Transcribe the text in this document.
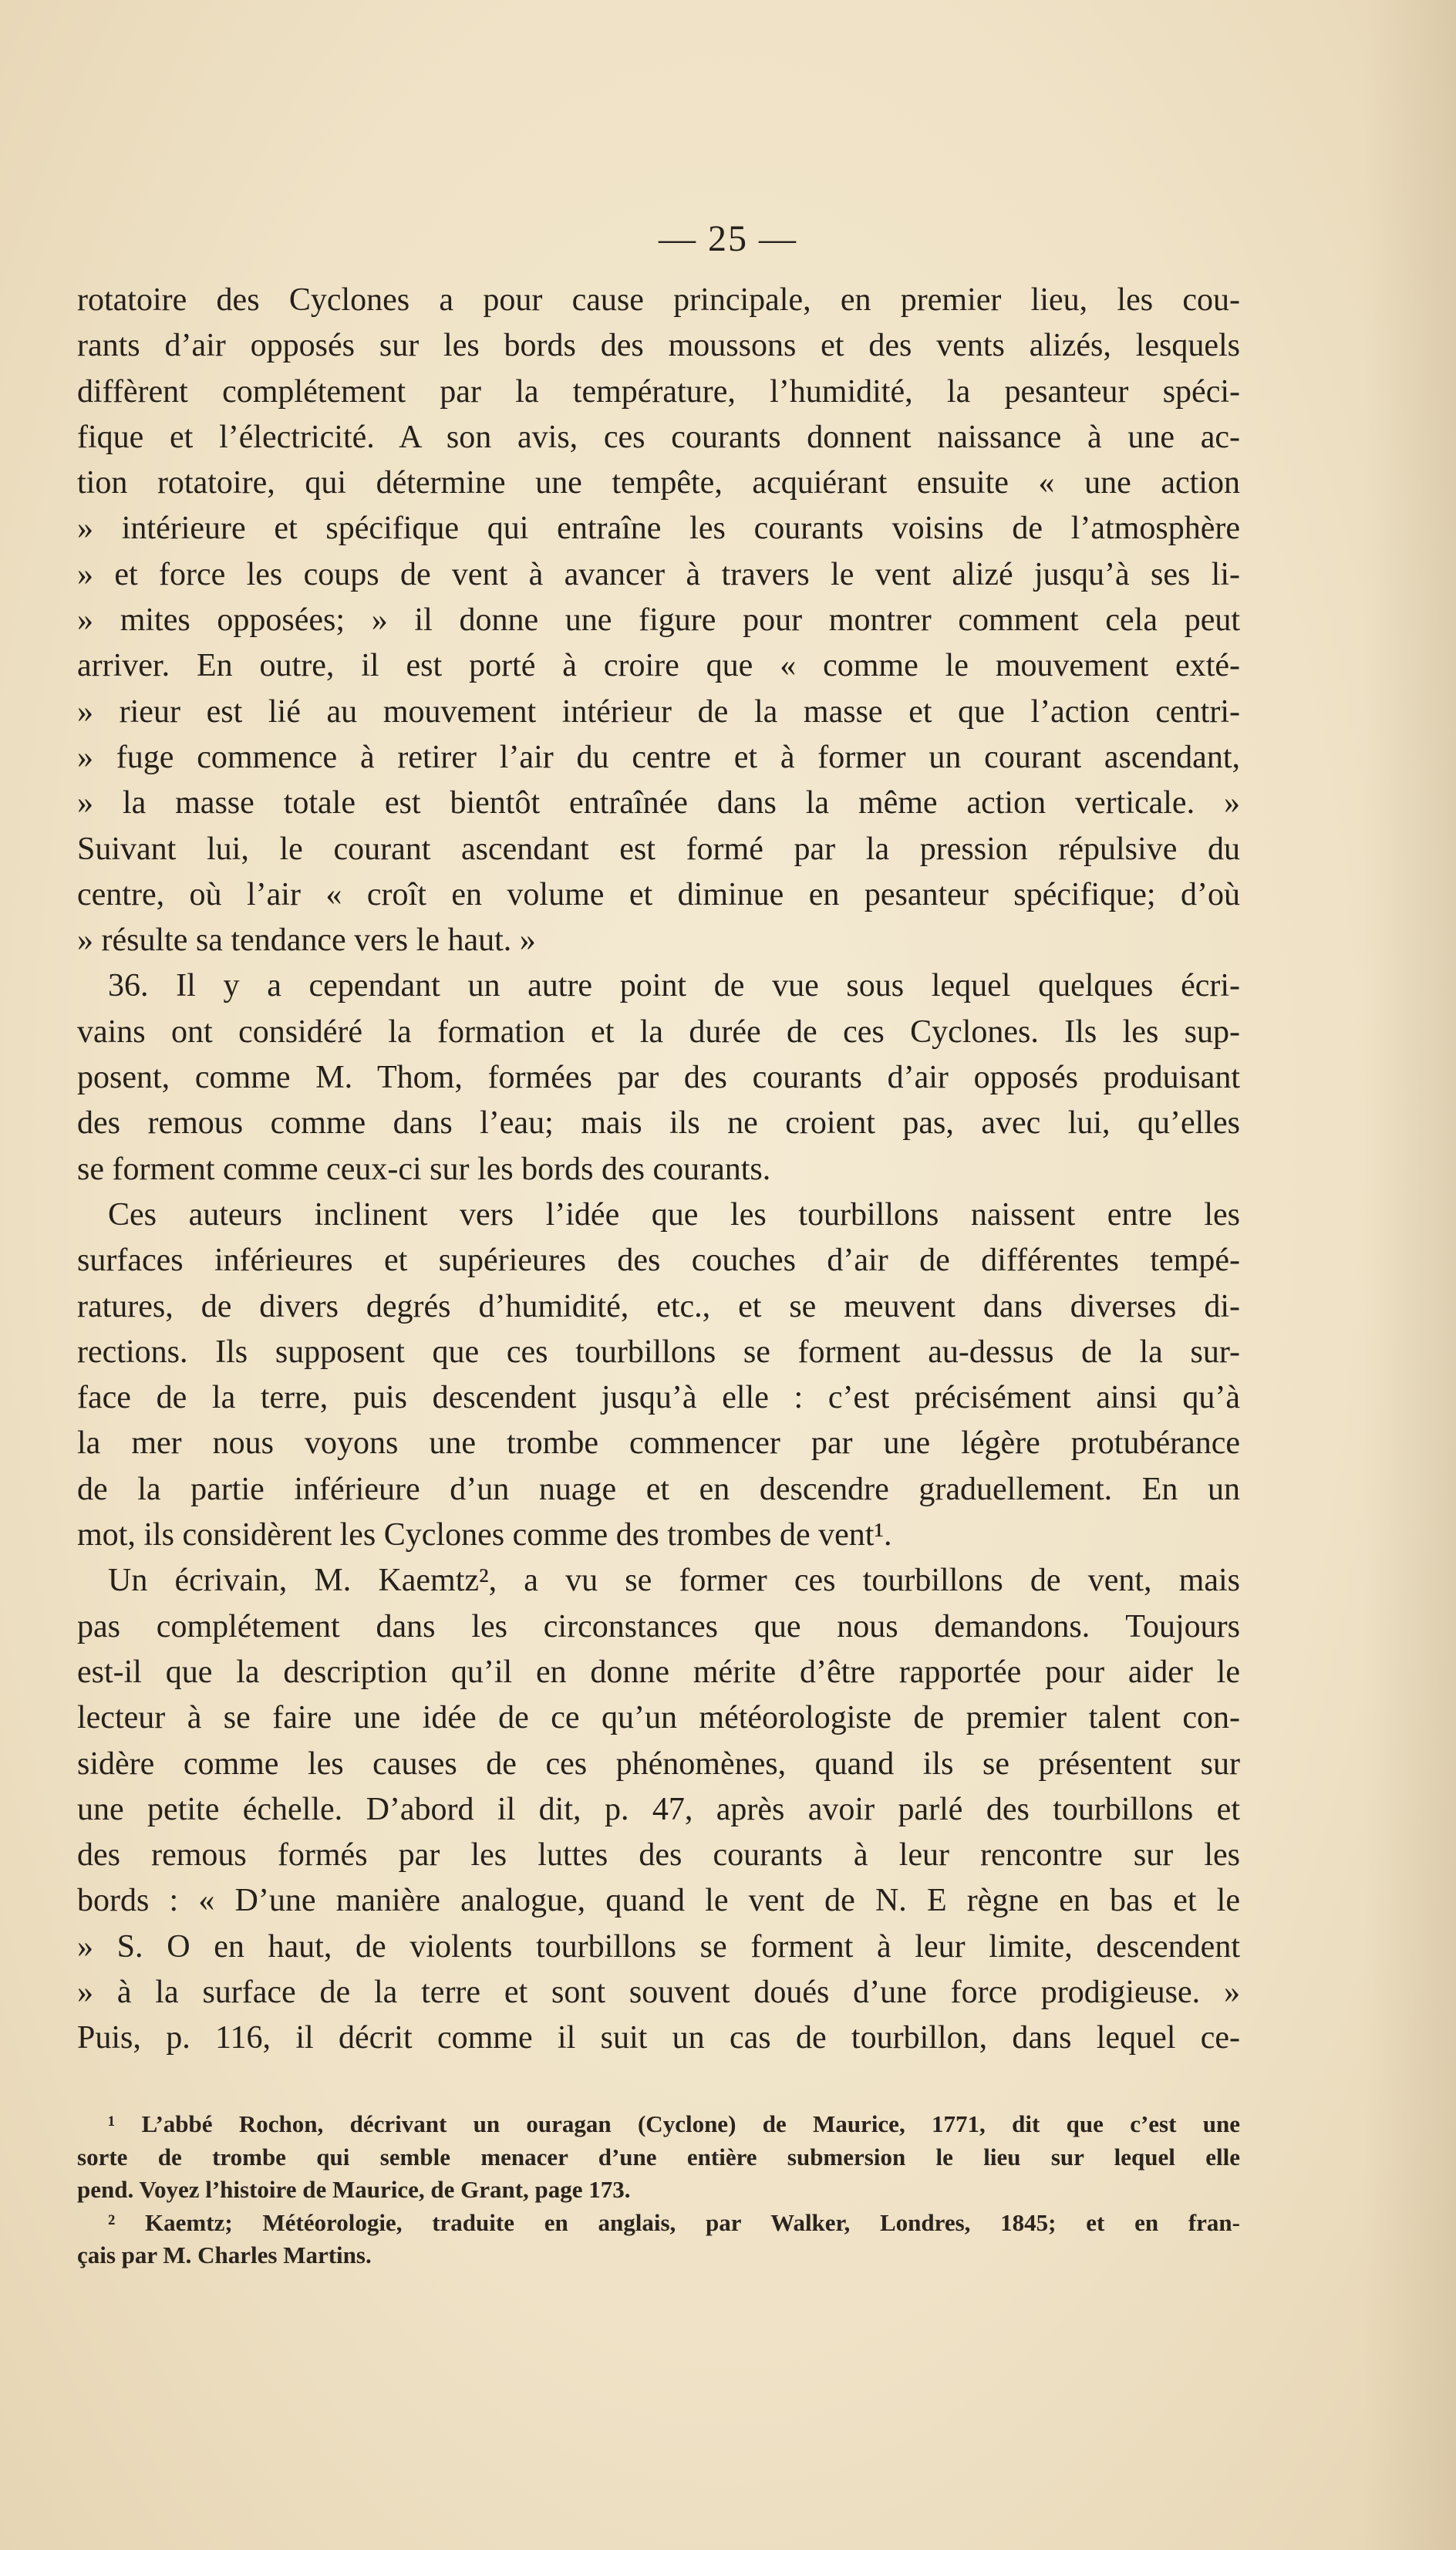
— 25 —
rotatoire des Cyclones a pour cause principale, en premier lieu, les cou-
rants d’air opposés sur les bords des moussons et des vents alizés, lesquels
diffèrent complétement par la température, l’humidité, la pesanteur spéci-
fique et l’électricité. A son avis, ces courants donnent naissance à une ac-
tion rotatoire, qui détermine une tempête, acquiérant ensuite « une action
» intérieure et spécifique qui entraîne les courants voisins de l’atmosphère
» et force les coups de vent à avancer à travers le vent alizé jusqu’à ses li-
» mites opposées; » il donne une figure pour montrer comment cela peut
arriver. En outre, il est porté à croire que « comme le mouvement exté-
» rieur est lié au mouvement intérieur de la masse et que l’action centri-
» fuge commence à retirer l’air du centre et à former un courant ascendant,
» la masse totale est bientôt entraînée dans la même action verticale. »
Suivant lui, le courant ascendant est formé par la pression répulsive du
centre, où l’air « croît en volume et diminue en pesanteur spécifique; d’où
» résulte sa tendance vers le haut. »
36. Il y a cependant un autre point de vue sous lequel quelques écri-
vains ont considéré la formation et la durée de ces Cyclones. Ils les sup-
posent, comme M. Thom, formées par des courants d’air opposés produisant
des remous comme dans l’eau; mais ils ne croient pas, avec lui, qu’elles
se forment comme ceux-ci sur les bords des courants.
Ces auteurs inclinent vers l’idée que les tourbillons naissent entre les
surfaces inférieures et supérieures des couches d’air de différentes tempé-
ratures, de divers degrés d’humidité, etc., et se meuvent dans diverses di-
rections. Ils supposent que ces tourbillons se forment au-dessus de la sur-
face de la terre, puis descendent jusqu’à elle : c’est précisément ainsi qu’à
la mer nous voyons une trombe commencer par une légère protubérance
de la partie inférieure d’un nuage et en descendre graduellement. En un
mot, ils considèrent les Cyclones comme des trombes de vent¹.
Un écrivain, M. Kaemtz², a vu se former ces tourbillons de vent, mais
pas complétement dans les circonstances que nous demandons. Toujours
est-il que la description qu’il en donne mérite d’être rapportée pour aider le
lecteur à se faire une idée de ce qu’un météorologiste de premier talent con-
sidère comme les causes de ces phénomènes, quand ils se présentent sur
une petite échelle. D’abord il dit, p. 47, après avoir parlé des tourbillons et
des remous formés par les luttes des courants à leur rencontre sur les
bords : « D’une manière analogue, quand le vent de N. E règne en bas et le
» S. O en haut, de violents tourbillons se forment à leur limite, descendent
» à la surface de la terre et sont souvent doués d’une force prodigieuse. »
Puis, p. 116, il décrit comme il suit un cas de tourbillon, dans lequel ce-
¹ L’abbé Rochon, décrivant un ouragan (Cyclone) de Maurice, 1771, dit que c’est une
sorte de trombe qui semble menacer d’une entière submersion le lieu sur lequel elle
pend. Voyez l’histoire de Maurice, de Grant, page 173.
² Kaemtz; Météorologie, traduite en anglais, par Walker, Londres, 1845; et en fran-
çais par M. Charles Martins.
